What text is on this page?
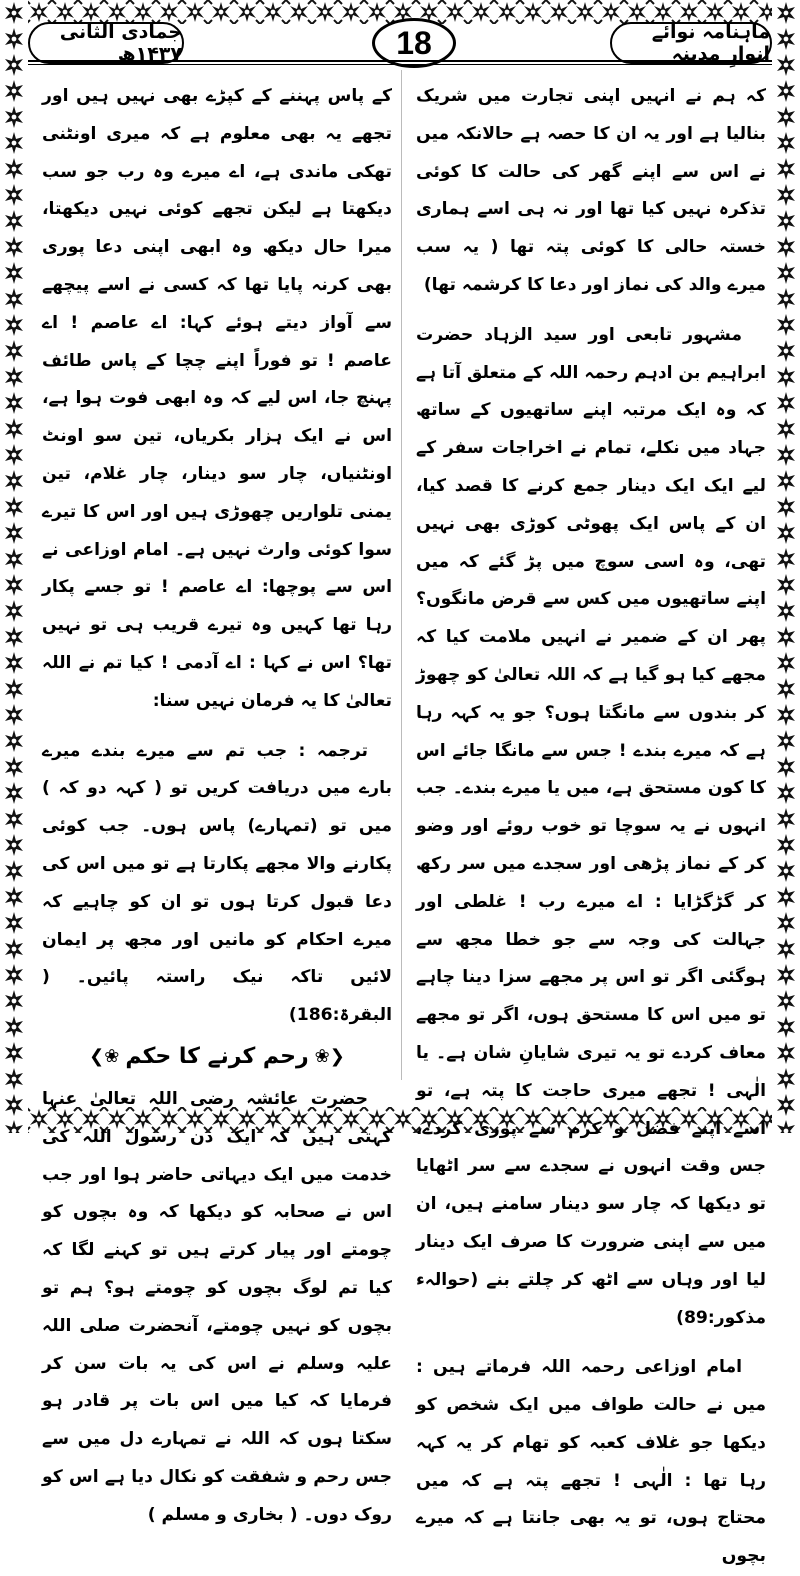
ماہنامہ نوائے انوارِ مدینہ
18
جمادی الثانی ۱۴۳۷ھ

کہ ہم نے انہیں اپنی تجارت میں شریک بنالیا ہے اور یہ ان کا حصہ ہے حالانکہ میں نے اس سے اپنے گھر کی حالت کا کوئی تذکرہ نہیں کیا تھا اور نہ ہی اسے ہماری خستہ حالی کا کوئی پتہ تھا ( یہ سب میرے والد کی نماز اور دعا کا کرشمہ تھا)

مشہور تابعی اور سید الزہاد حضرت ابراہیم بن ادہم رحمہ اللہ کے متعلق آتا ہے کہ وہ ایک مرتبہ اپنے ساتھیوں کے ساتھ جہاد میں نکلے، تمام نے اخراجات سفر کے لیے ایک ایک دینار جمع کرنے کا قصد کیا، ان کے پاس ایک پھوٹی کوڑی بھی نہیں تھی، وہ اسی سوچ میں پڑ گئے کہ میں اپنے ساتھیوں میں کس سے قرض مانگوں؟ پھر ان کے ضمیر نے انہیں ملامت کیا کہ مجھے کیا ہو گیا ہے کہ اللہ تعالیٰ کو چھوڑ کر بندوں سے مانگتا ہوں؟ جو یہ کہہ رہا ہے کہ میرے بندے ! جس سے مانگا جائے اس کا کون مستحق ہے، میں یا میرے بندے۔ جب انہوں نے یہ سوچا تو خوب روئے اور وضو کر کے نماز پڑھی اور سجدے میں سر رکھ کر گڑگڑایا : اے میرے رب ! غلطی اور جہالت کی وجہ سے جو خطا مجھ سے ہوگئی اگر تو اس پر مجھے سزا دینا چاہے تو میں اس کا مستحق ہوں، اگر تو مجھے معاف کردے تو یہ تیری شایانِ شان ہے۔ یا الٰہی ! تجھے میری حاجت کا پتہ ہے، تو اسے اپنے فضل و کرم سے پوری کردے، جس وقت انہوں نے سجدے سے سر اٹھایا تو دیکھا کہ چار سو دینار سامنے ہیں، ان میں سے اپنی ضرورت کا صرف ایک دینار لیا اور وہاں سے اٹھ کر چلتے بنے (حوالہء مذکور:89)

امام اوزاعی رحمہ اللہ فرماتے ہیں : میں نے حالت طواف میں ایک شخص کو دیکھا جو غلاف کعبہ کو تھام کر یہ کہہ رہا تھا : الٰہی ! تجھے پتہ ہے کہ میں محتاج ہوں، تو یہ بھی جانتا ہے کہ میرے بچوں

کے پاس پہننے کے کپڑے بھی نہیں ہیں اور تجھے یہ بھی معلوم ہے کہ میری اونٹنی تھکی ماندی ہے، اے میرے وہ رب جو سب دیکھتا ہے لیکن تجھے کوئی نہیں دیکھتا، میرا حال دیکھ وہ ابھی اپنی دعا پوری بھی کرنہ پایا تھا کہ کسی نے اسے پیچھے سے آواز دیتے ہوئے کہا: اے عاصم ! اے عاصم ! تو فوراً اپنے چچا کے پاس طائف پہنچ جا، اس لیے کہ وہ ابھی فوت ہوا ہے، اس نے ایک ہزار بکریاں، تین سو اونٹ اونٹنیاں، چار سو دینار، چار غلام، تین یمنی تلواریں چھوڑی ہیں اور اس کا تیرے سوا کوئی وارث نہیں ہے۔ امام اوزاعی نے اس سے پوچھا: اے عاصم ! تو جسے پکار رہا تھا کہیں وہ تیرے قریب ہی تو نہیں تھا؟ اس نے کہا : اے آدمی ! کیا تم نے اللہ تعالیٰ کا یہ فرمان نہیں سنا:

ترجمہ : جب تم سے میرے بندے میرے بارے میں دریافت کریں تو ( کہہ دو کہ ) میں تو (تمہارے) پاس ہوں۔ جب کوئی پکارنے والا مجھے پکارتا ہے تو میں اس کی دعا قبول کرتا ہوں تو ان کو چاہیے کہ میرے احکام کو مانیں اور مجھ پر ایمان لائیں تاکہ نیک راستہ پائیں۔ ( البقرۃ:186)

❮❀
رحم کرنے کا حکم
❀❯

حضرت عائشہ رضی اللہ تعالیٰ عنہا کہتی ہیں کہ ایک دن رسول اللہ کی خدمت میں ایک دیہاتی حاضر ہوا اور جب اس نے صحابہ کو دیکھا کہ وہ بچوں کو چومتے اور پیار کرتے ہیں تو کہنے لگا کہ کیا تم لوگ بچوں کو چومتے ہو؟ ہم تو بچوں کو نہیں چومتے، آنحضرت صلی اللہ علیہ وسلم نے اس کی یہ بات سن کر فرمایا کہ کیا میں اس بات پر قادر ہو سکتا ہوں کہ اللہ نے تمہارے دل میں سے جس رحم و شفقت کو نکال دیا ہے اس کو روک دوں۔ ( بخاری و مسلم )
